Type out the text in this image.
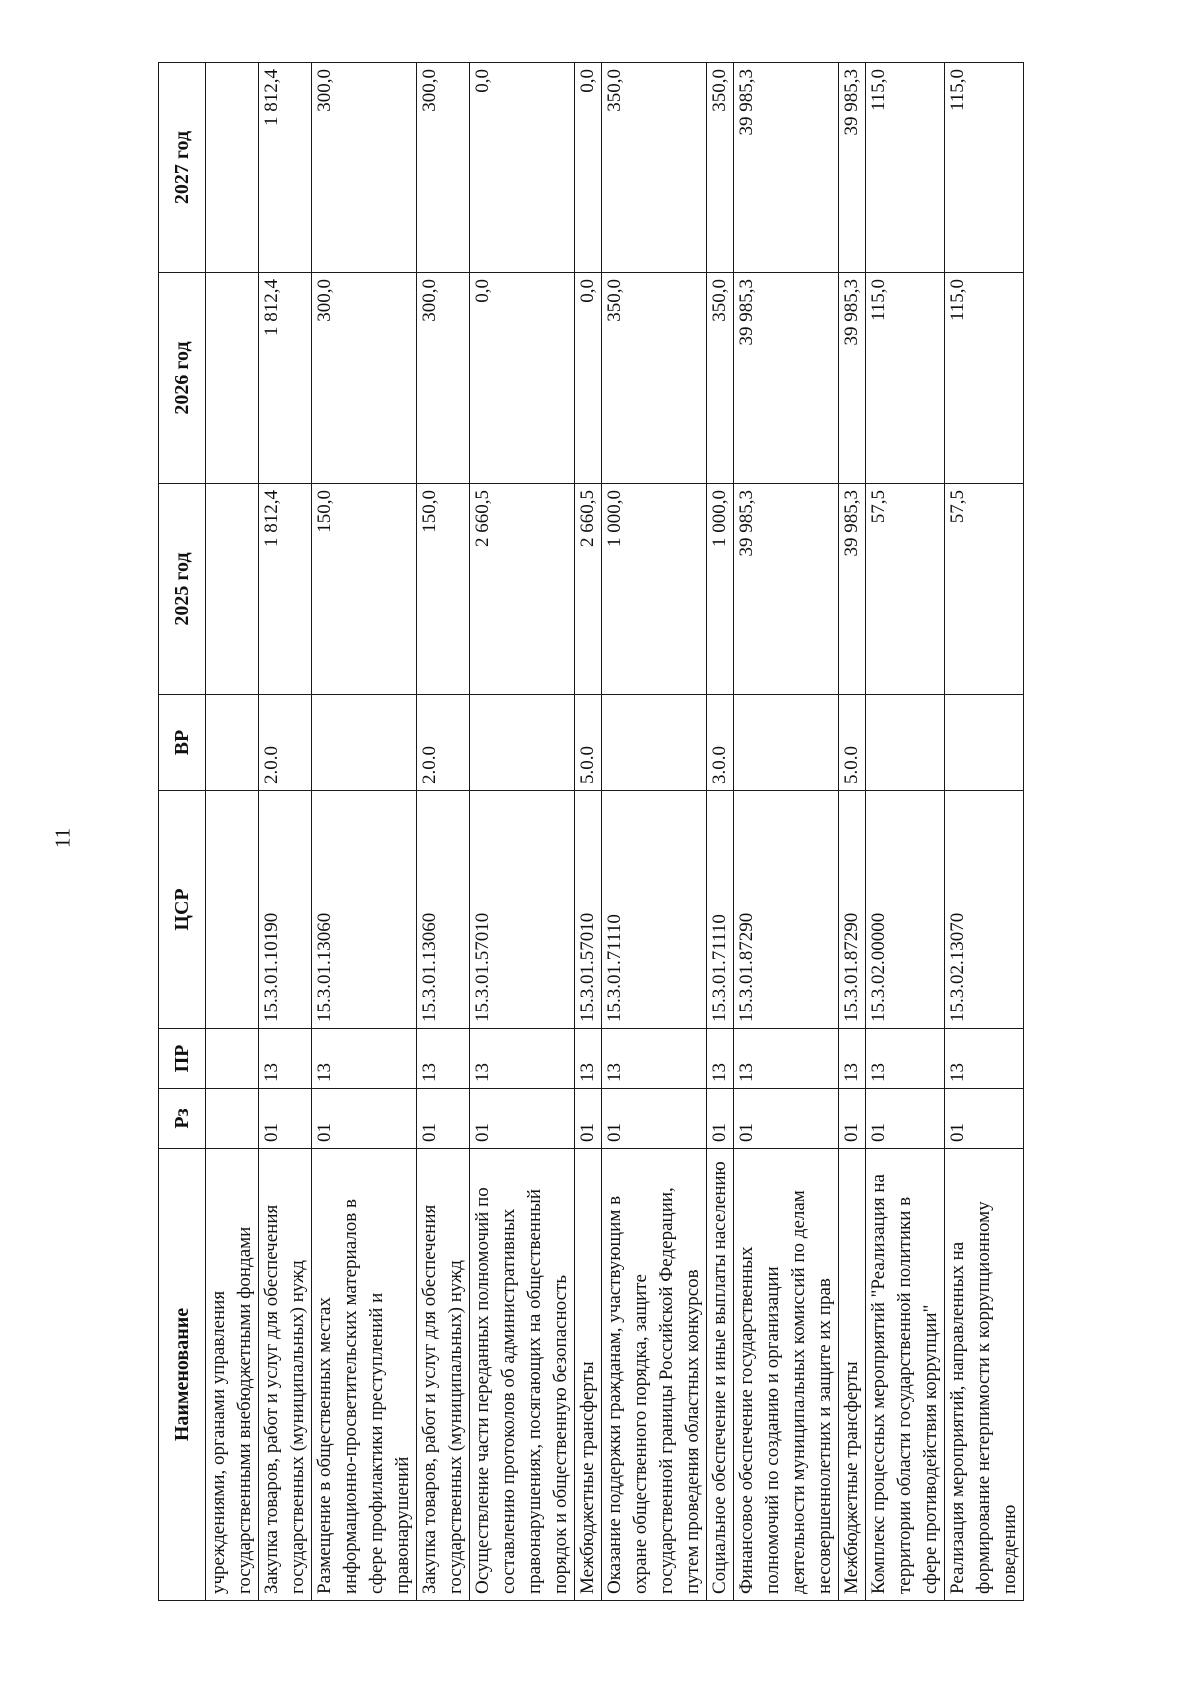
11
Наименование	Рз	ПР	ЦСР	ВР	2025 год	2026 год	2027 год
учреждениями, органами управления государственными внебюджетными фондами							
Закупка товаров, работ и услуг для обеспечения государственных (муниципальных) нужд	01	13	15.3.01.10190	2.0.0	1 812,4	1 812,4	1 812,4
Размещение в общественных местах информационно-просветительских материалов в сфере профилактики преступлений и правонарушений	01	13	15.3.01.13060		150,0	300,0	300,0
Закупка товаров, работ и услуг для обеспечения государственных (муниципальных) нужд	01	13	15.3.01.13060	2.0.0	150,0	300,0	300,0
Осуществление части переданных полномочий по составлению протоколов об административных правонарушениях, посягающих на общественный порядок и общественную безопасность	01	13	15.3.01.57010		2 660,5	0,0	0,0
Межбюджетные трансферты	01	13	15.3.01.57010	5.0.0	2 660,5	0,0	0,0
Оказание поддержки гражданам, участвующим в охране общественного порядка, защите государственной границы Российской Федерации, путем проведения областных конкурсов	01	13	15.3.01.71110		1 000,0	350,0	350,0
Социальное обеспечение и иные выплаты населению	01	13	15.3.01.71110	3.0.0	1 000,0	350,0	350,0
Финансовое обеспечение государственных полномочий по созданию и организации деятельности муниципальных комиссий по делам несовершеннолетних и защите их прав	01	13	15.3.01.87290		39 985,3	39 985,3	39 985,3
Межбюджетные трансферты	01	13	15.3.01.87290	5.0.0	39 985,3	39 985,3	39 985,3
Комплекс процессных мероприятий "Реализация на территории области государственной политики в сфере противодействия коррупции"	01	13	15.3.02.00000		57,5	115,0	115,0
Реализация мероприятий, направленных на формирование нетерпимости к коррупционному поведению	01	13	15.3.02.13070		57,5	115,0	115,0
